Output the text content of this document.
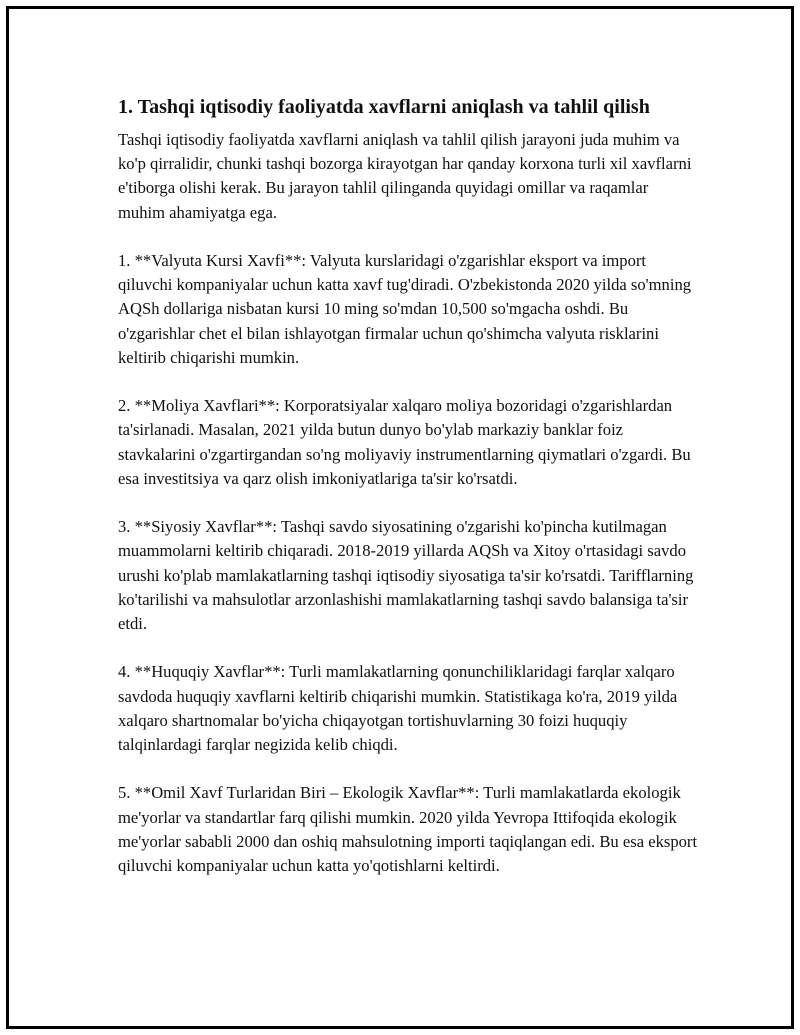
1. Tashqi iqtisodiy faoliyatda xavflarni aniqlash va tahlil qilish

Tashqi iqtisodiy faoliyatda xavflarni aniqlash va tahlil qilish jarayoni juda muhim va ko'p qirralidir, chunki tashqi bozorga kirayotgan har qanday korxona turli xil xavflarni e'tiborga olishi kerak. Bu jarayon tahlil qilinganda quyidagi omillar va raqamlar muhim ahamiyatga ega.

1. **Valyuta Kursi Xavfi**: Valyuta kurslaridagi o'zgarishlar eksport va import qiluvchi kompaniyalar uchun katta xavf tug'diradi. O'zbekistonda 2020 yilda so'mning AQSh dollariga nisbatan kursi 10 ming so'mdan 10,500 so'mgacha oshdi. Bu o'zgarishlar chet el bilan ishlayotgan firmalar uchun qo'shimcha valyuta risklarini keltirib chiqarishi mumkin.

2. **Moliya Xavflari**: Korporatsiyalar xalqaro moliya bozoridagi o'zgarishlardan ta'sirlanadi. Masalan, 2021 yilda butun dunyo bo'ylab markaziy banklar foiz stavkalarini o'zgartirgandan so'ng moliyaviy instrumentlarning qiymatlari o'zgardi. Bu esa investitsiya va qarz olish imkoniyatlariga ta'sir ko'rsatdi.

3. **Siyosiy Xavflar**: Tashqi savdo siyosatining o'zgarishi ko'pincha kutilmagan muammolarni keltirib chiqaradi. 2018-2019 yillarda AQSh va Xitoy o'rtasidagi savdo urushi ko'plab mamlakatlarning tashqi iqtisodiy siyosatiga ta'sir ko'rsatdi. Tarifflarning ko'tarilishi va mahsulotlar arzonlashishi mamlakatlarning tashqi savdo balansiga ta'sir etdi.

4. **Huquqiy Xavflar**: Turli mamlakatlarning qonunchiliklaridagi farqlar xalqaro savdoda huquqiy xavflarni keltirib chiqarishi mumkin. Statistikaga ko'ra, 2019 yilda xalqaro shartnomalar bo'yicha chiqayotgan tortishuvlarning 30 foizi huquqiy talqinlardagi farqlar negizida kelib chiqdi.

5. **Omil Xavf Turlaridan Biri – Ekologik Xavflar**: Turli mamlakatlarda ekologik me'yorlar va standartlar farq qilishi mumkin. 2020 yilda Yevropa Ittifoqida ekologik me'yorlar sababli 2000 dan oshiq mahsulotning importi taqiqlangan edi. Bu esa eksport qiluvchi kompaniyalar uchun katta yo'qotishlarni keltirdi.
